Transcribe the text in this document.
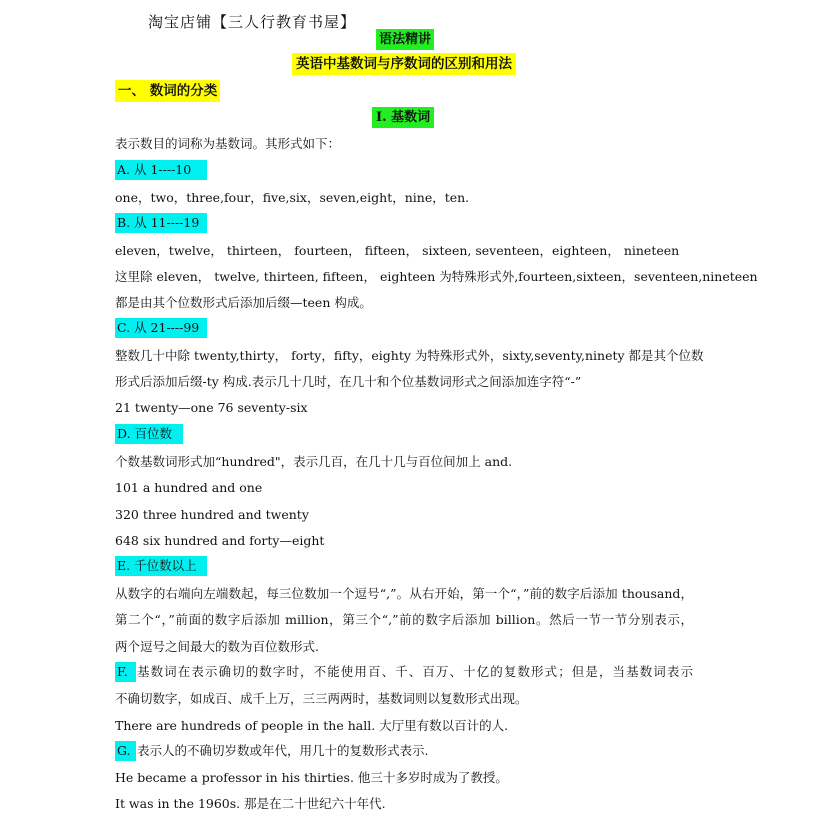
淘宝店铺【三人行教育书屋】
语法精讲
英语中基数词与序数词的区别和用法
一、 数词的分类
I. 基数词
表示数目的词称为基数词。其形式如下：
A. 从 1----10
one，two，three,four，five,six，seven,eight，nine，ten.
B. 从 11----19
eleven，twelve， thirteen， fourteen， fifteen， sixteen, seventeen，eighteen， nineteen
这里除 eleven， twelve, thirteen, fifteen， eighteen 为特殊形式外,fourteen,sixteen，seventeen,nineteen
都是由其个位数形式后添加后缀—teen 构成。
C. 从 21----99
整数几十中除 twenty,thirty， forty，fifty，eighty 为特殊形式外，sixty,seventy,ninety 都是其个位数
形式后添加后缀-ty 构成.表示几十几时，在几十和个位基数词形式之间添加连字符“-”
21 twenty—one 76 seventy-six
D. 百位数
个数基数词形式加“hundred"，表示几百，在几十几与百位间加上 and.
101 a hundred and one
320 three hundred and twenty
648 six hundred and forty—eight
E. 千位数以上
从数字的右端向左端数起，每三位数加一个逗号“,”。从右开始，第一个“，”前的数字后添加 thousand，
第二个“，”前面的数字后添加 million，第三个“,”前的数字后添加 billion。然后一节一节分别表示，
两个逗号之间最大的数为百位数形式.
F. 基数词在表示确切的数字时，不能使用百、千、百万、十亿的复数形式；但是，当基数词表示
不确切数字，如成百、成千上万，三三两两时，基数词则以复数形式出现。
There are hundreds of people in the hall. 大厅里有数以百计的人.
G. 表示人的不确切岁数或年代，用几十的复数形式表示.
He became a professor in his thirties. 他三十多岁时成为了教授。
It was in the 1960s. 那是在二十世纪六十年代.
